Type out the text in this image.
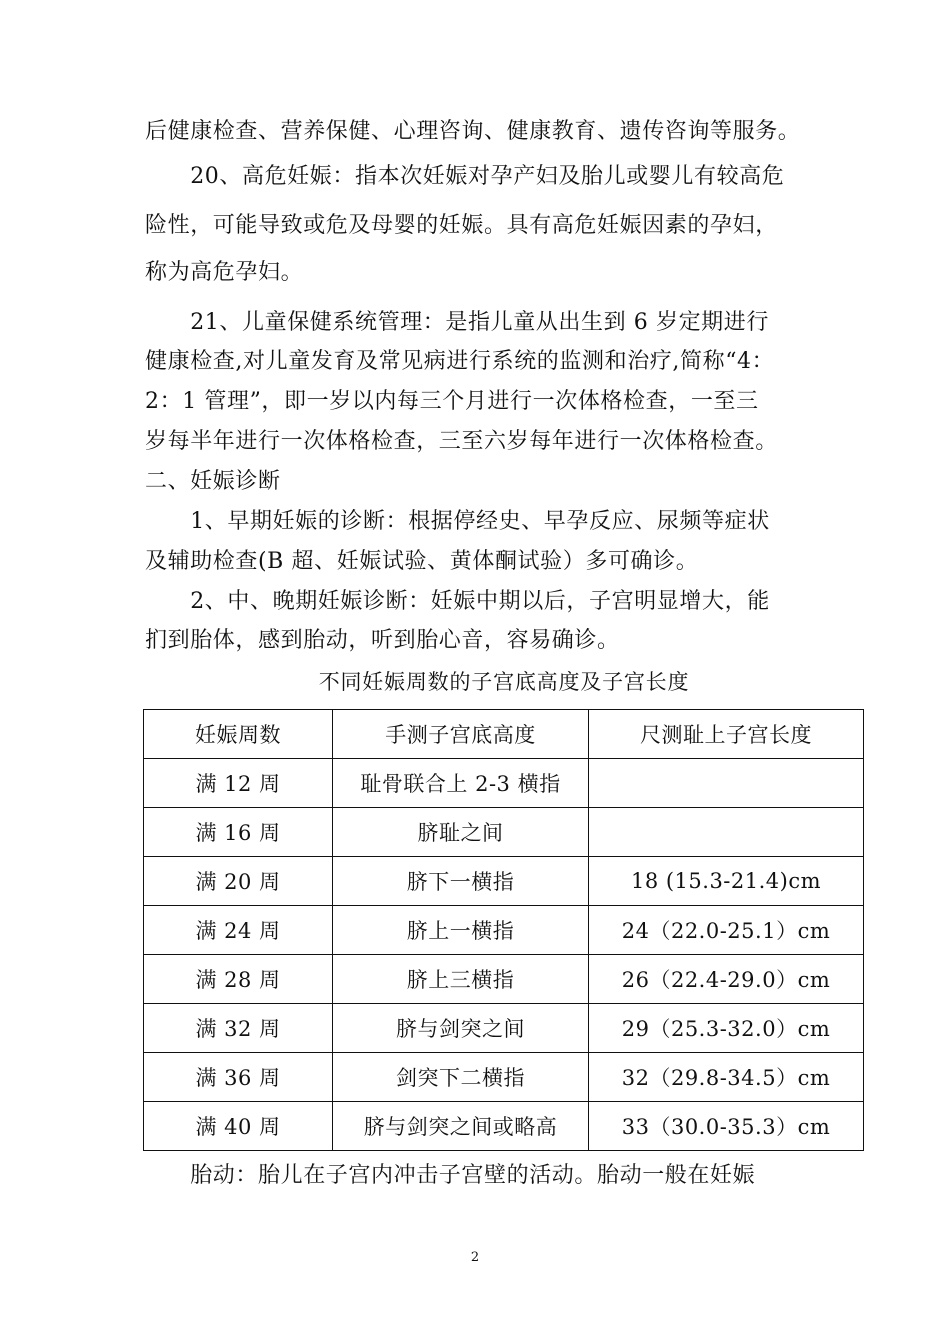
后健康检查、营养保健、心理咨询、健康教育、遗传咨询等服务。
　　20、高危妊娠：指本次妊娠对孕产妇及胎儿或婴儿有较高危
险性，可能导致或危及母婴的妊娠。具有高危妊娠因素的孕妇，
称为高危孕妇。
　　21、儿童保健系统管理：是指儿童从出生到 6 岁定期进行
健康检查,对儿童发育及常见病进行系统的监测和治疗,简称“4：
2：1 管理”，即一岁以内每三个月进行一次体格检查，一至三
岁每半年进行一次体格检查，三至六岁每年进行一次体格检查。
二、妊娠诊断
　　1、早期妊娠的诊断：根据停经史、早孕反应、尿频等症状
及辅助检查(B 超、妊娠试验、黄体酮试验）多可确诊。
　　2、中、晚期妊娠诊断：妊娠中期以后，子宫明显增大，能
扪到胎体，感到胎动，听到胎心音，容易确诊。
不同妊娠周数的子宫底高度及子宫长度
妊娠周数	手测子宫底高度	尺测耻上子宫长度
满 12 周	耻骨联合上 2-3 横指	
满 16 周	脐耻之间	
满 20 周	脐下一横指	18 (15.3-21.4)cm
满 24 周	脐上一横指	24（22.0-25.1）cm
满 28 周	脐上三横指	26（22.4-29.0）cm
满 32 周	脐与剑突之间	29（25.3-32.0）cm
满 36 周	剑突下二横指	32（29.8-34.5）cm
满 40 周	脐与剑突之间或略高	33（30.0-35.3）cm
　　胎动：胎儿在子宫内冲击子宫壁的活动。胎动一般在妊娠
2
